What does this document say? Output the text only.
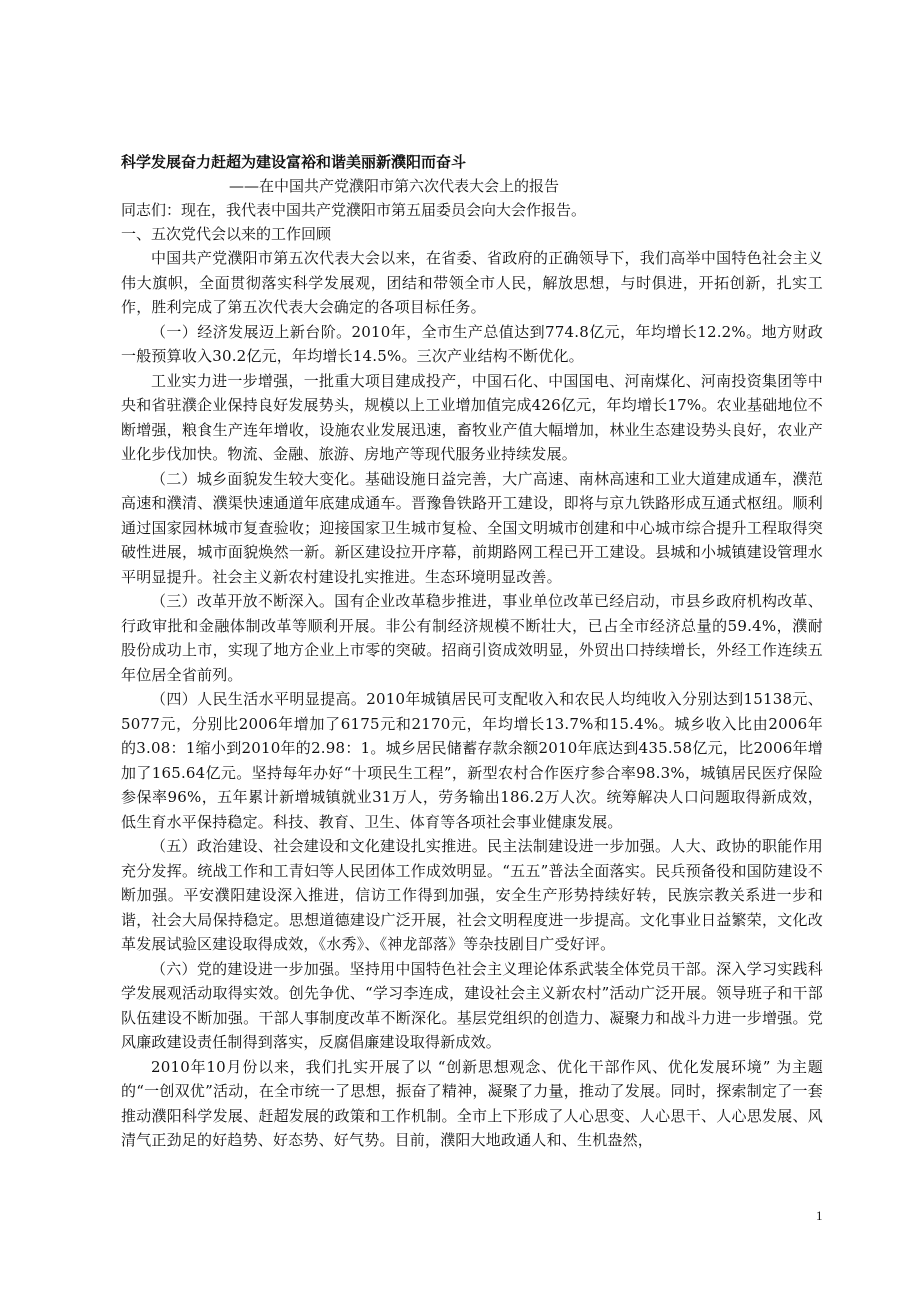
科学发展奋力赶超为建设富裕和谐美丽新濮阳而奋斗
——在中国共产党濮阳市第六次代表大会上的报告
同志们：现在，我代表中国共产党濮阳市第五届委员会向大会作报告。
一、五次党代会以来的工作回顾

中国共产党濮阳市第五次代表大会以来，在省委、省政府的正确领导下，我们高举中国特色社会主义伟大旗帜，全面贯彻落实科学发展观，团结和带领全市人民，解放思想，与时俱进，开拓创新，扎实工作，胜利完成了第五次代表大会确定的各项目标任务。

（一）经济发展迈上新台阶。2010年，全市生产总值达到774.8亿元，年均增长12.2%。地方财政一般预算收入30.2亿元，年均增长14.5%。三次产业结构不断优化。

工业实力进一步增强，一批重大项目建成投产，中国石化、中国国电、河南煤化、河南投资集团等中央和省驻濮企业保持良好发展势头，规模以上工业增加值完成426亿元，年均增长17%。农业基础地位不断增强，粮食生产连年增收，设施农业发展迅速，畜牧业产值大幅增加，林业生态建设势头良好，农业产业化步伐加快。物流、金融、旅游、房地产等现代服务业持续发展。

（二）城乡面貌发生较大变化。基础设施日益完善，大广高速、南林高速和工业大道建成通车，濮范高速和濮清、濮渠快速通道年底建成通车。晋豫鲁铁路开工建设，即将与京九铁路形成互通式枢纽。顺利通过国家园林城市复查验收；迎接国家卫生城市复检、全国文明城市创建和中心城市综合提升工程取得突破性进展，城市面貌焕然一新。新区建设拉开序幕，前期路网工程已开工建设。县城和小城镇建设管理水平明显提升。社会主义新农村建设扎实推进。生态环境明显改善。

（三）改革开放不断深入。国有企业改革稳步推进，事业单位改革已经启动，市县乡政府机构改革、行政审批和金融体制改革等顺利开展。非公有制经济规模不断壮大，已占全市经济总量的59.4%，濮耐股份成功上市，实现了地方企业上市零的突破。招商引资成效明显，外贸出口持续增长，外经工作连续五年位居全省前列。

（四）人民生活水平明显提高。2010年城镇居民可支配收入和农民人均纯收入分别达到15138元、5077元，分别比2006年增加了6175元和2170元，年均增长13.7%和15.4%。城乡收入比由2006年的3.08：1缩小到2010年的2.98：1。城乡居民储蓄存款余额2010年底达到435.58亿元，比2006年增加了165.64亿元。坚持每年办好“十项民生工程”，新型农村合作医疗参合率98.3%，城镇居民医疗保险参保率96%，五年累计新增城镇就业31万人，劳务输出186.2万人次。统筹解决人口问题取得新成效，低生育水平保持稳定。科技、教育、卫生、体育等各项社会事业健康发展。

（五）政治建设、社会建设和文化建设扎实推进。民主法制建设进一步加强。人大、政协的职能作用充分发挥。统战工作和工青妇等人民团体工作成效明显。“五五”普法全面落实。民兵预备役和国防建设不断加强。平安濮阳建设深入推进，信访工作得到加强，安全生产形势持续好转，民族宗教关系进一步和谐，社会大局保持稳定。思想道德建设广泛开展，社会文明程度进一步提高。文化事业日益繁荣，文化改革发展试验区建设取得成效，《水秀》、《神龙部落》等杂技剧目广受好评。

（六）党的建设进一步加强。坚持用中国特色社会主义理论体系武装全体党员干部。深入学习实践科学发展观活动取得实效。创先争优、“学习李连成，建设社会主义新农村”活动广泛开展。领导班子和干部队伍建设不断加强。干部人事制度改革不断深化。基层党组织的创造力、凝聚力和战斗力进一步增强。党风廉政建设责任制得到落实，反腐倡廉建设取得新成效。

2010年10月份以来，我们扎实开展了以 “创新思想观念、优化干部作风、优化发展环境” 为主题的“一创双优”活动，在全市统一了思想，振奋了精神，凝聚了力量，推动了发展。同时，探索制定了一套推动濮阳科学发展、赶超发展的政策和工作机制。全市上下形成了人心思变、人心思干、人心思发展、风清气正劲足的好趋势、好态势、好气势。目前，濮阳大地政通人和、生机盎然，

1
